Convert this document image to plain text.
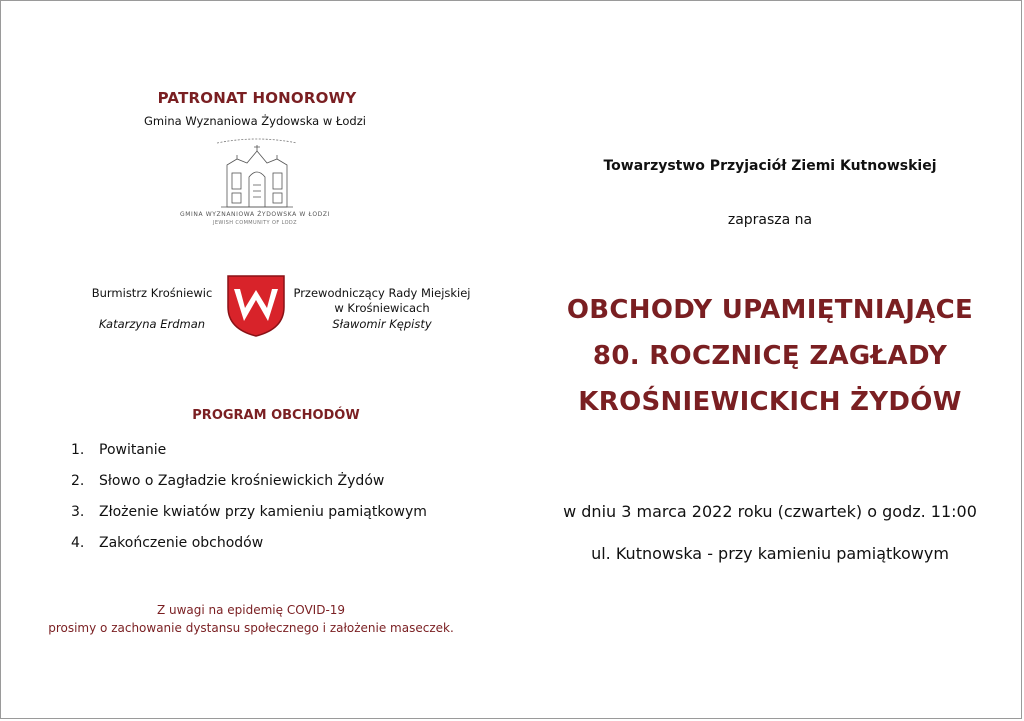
PATRONAT HONOROWY
Gmina Wyznaniowa Żydowska w Łodzi
GMINA WYZNANIOWA ŻYDOWSKA W ŁODZI
JEWISH COMMUNITY OF LODZ
Burmistrz Krośniewic
Katarzyna Erdman
Przewodniczący Rady Miejskiej
w Krośniewicach
Sławomir Kępisty
PROGRAM OBCHODÓW
1.	Powitanie
2.	Słowo o Zagładzie krośniewickich Żydów
3.	Złożenie kwiatów przy kamieniu pamiątkowym
4.	Zakończenie obchodów
Z uwagi na epidemię COVID-19
prosimy o zachowanie dystansu społecznego i założenie maseczek.
Towarzystwo Przyjaciół Ziemi Kutnowskiej
zaprasza na
OBCHODY UPAMIĘTNIAJĄCE
80. ROCZNICĘ ZAGŁADY
KROŚNIEWICKICH ŻYDÓW
w dniu 3 marca 2022 roku (czwartek) o godz. 11:00
ul. Kutnowska - przy kamieniu pamiątkowym
